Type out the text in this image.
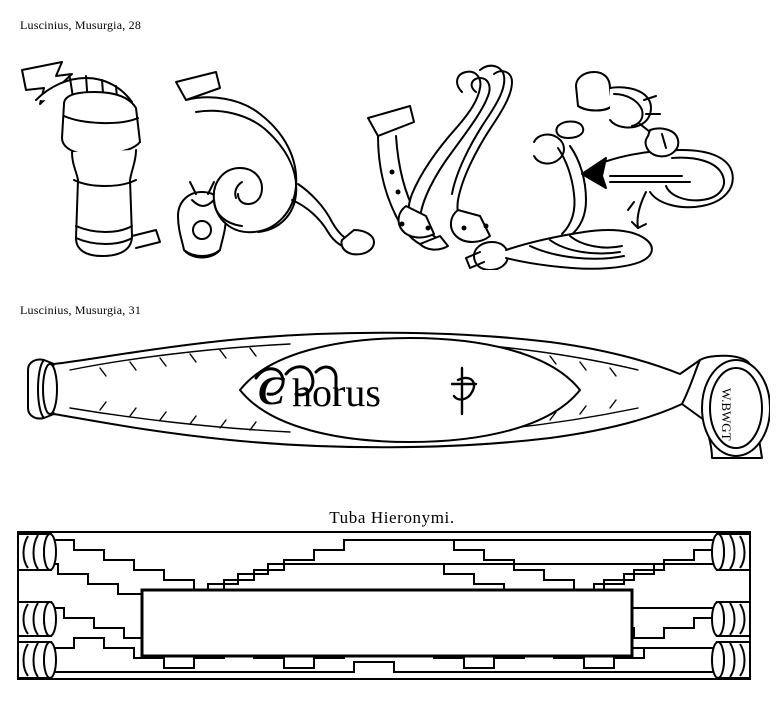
Luscinius, Musurgia, 28
Luscinius, Musurgia, 31
C horus	W.BWGT
Tuba Hieronymi.
